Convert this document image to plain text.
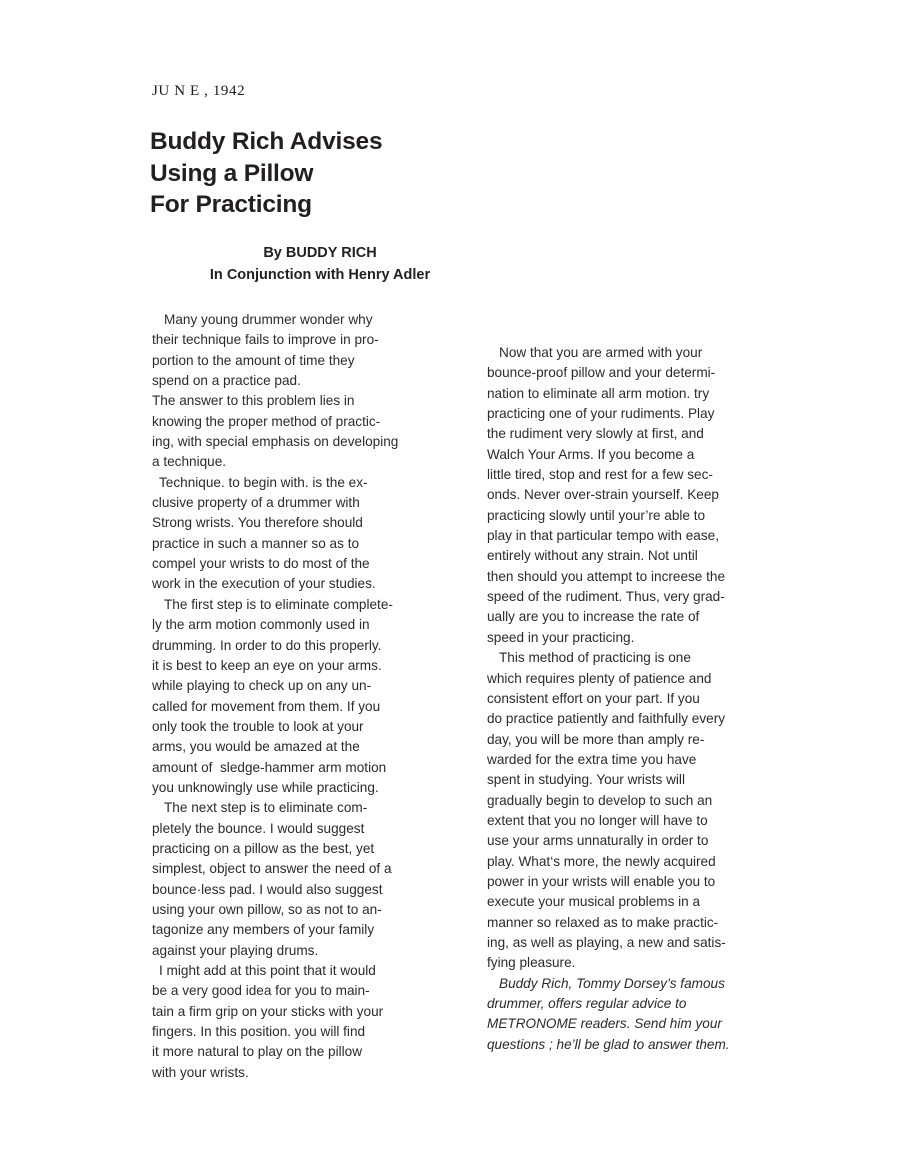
JU N E , 1942
Buddy Rich Advises
Using a Pillow
For Practicing
By BUDDY RICH
In Conjunction with Henry Adler

Many young drummer wonder why
their technique fails to improve in pro-
portion to the amount of time they
spend on a practice pad.
The answer to this problem lies in
knowing the proper method of practic-
ing, with special emphasis on developing
a technique.
Technique. to begin with. is the ex-
clusive property of a drummer with
Strong wrists. You therefore should
practice in such a manner so as to
compel your wrists to do most of the
work in the execution of your studies.
The first step is to eliminate complete-
ly the arm motion commonly used in
drumming. In order to do this properly.
it is best to keep an eye on your arms.
while playing to check up on any un-
called for movement from them. If you
only took the trouble to look at your
arms, you would be amazed at the
amount of  sledge-hammer arm motion
you unknowingly use while practicing.
The next step is to eliminate com-
pletely the bounce. I would suggest
practicing on a pillow as the best, yet
simplest, object to answer the need of a
bounce·less pad. I would also suggest
using your own pillow, so as not to an-
tagonize any members of your family
against your playing drums.
I might add at this point that it would
be a very good idea for you to main-
tain a firm grip on your sticks with your
fingers. In this position. you will find
it more natural to play on the pillow
with your wrists.

Now that you are armed with your
bounce-proof pillow and your determi-
nation to eliminate all arm motion. try
practicing one of your rudiments. Play
the rudiment very slowly at first, and
Walch Your Arms. If you become a
little tired, stop and rest for a few sec-
onds. Never over-strain yourself. Keep
practicing slowly until your’re able to
play in that particular tempo with ease,
entirely without any strain. Not until
then should you attempt to increese the
speed of the rudiment. Thus, very grad-
ually are you to increase the rate of
speed in your practicing.
This method of practicing is one
which requires plenty of patience and
consistent effort on your part. If you
do practice patiently and faithfully every
day, you will be more than amply re-
warded for the extra time you have
spent in studying. Your wrists will
gradually begin to develop to such an
extent that you no longer will have to
use your arms unnaturally in order to
play. What‘s more, the newly acquired
power in your wrists will enable you to
execute your musical problems in a
manner so relaxed as to make practic-
ing, as well as playing, a new and satis-
fying pleasure.

Buddy Rich, Tommy Dorsey’s famous
drummer, offers regular advice to
METRONOME readers. Send him your
questions ; he’ll be glad to answer them.
